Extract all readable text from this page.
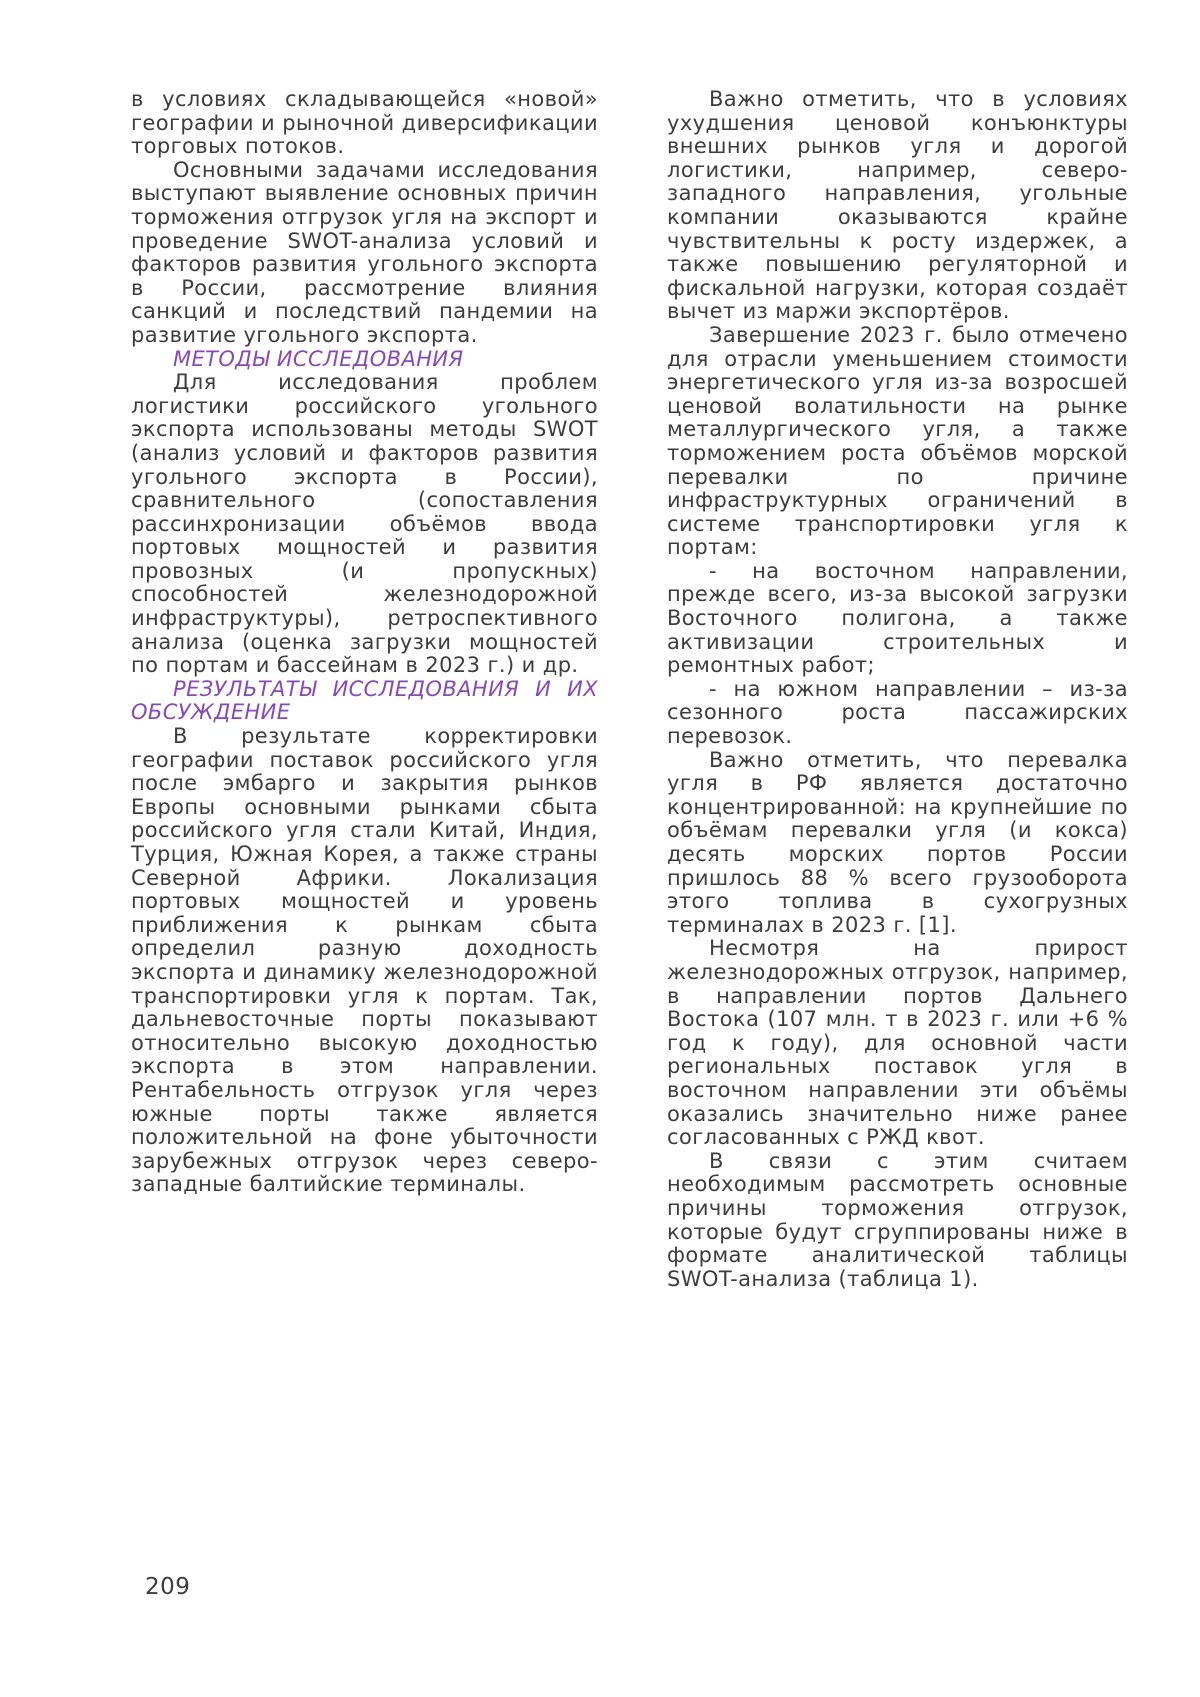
в условиях складывающейся «новой» географии и рыночной диверсификации торговых потоков.

Основными задачами исследования выступают выявление основных причин торможения отгрузок угля на экспорт и проведение SWOT-анализа условий и факторов развития угольного экспорта в России, рассмотрение влияния санкций и последствий пандемии на развитие угольного экспорта.

МЕТОДЫ ИССЛЕДОВАНИЯ

Для исследования проблем логистики российского угольного экспорта использованы методы SWOT (анализ условий и факторов развития угольного экспорта в России), сравнительного (сопоставления рассинхронизации объёмов ввода портовых мощностей и развития провозных (и пропускных) способностей железнодорожной инфраструктуры), ретроспективного анализа (оценка загрузки мощностей по портам и бассейнам в 2023 г.) и др.

РЕЗУЛЬТАТЫ ИССЛЕДОВАНИЯ И ИХ ОБСУЖДЕНИЕ

В результате корректировки географии поставок российского угля после эмбарго и закрытия рынков Европы основными рынками сбыта российского угля стали Китай, Индия, Турция, Южная Корея, а также страны Северной Африки. Локализация портовых мощностей и уровень приближения к рынкам сбыта определил разную доходность экспорта и динамику железнодорожной транспортировки угля к портам. Так, дальневосточные порты показывают относительно высокую доходностью экспорта в этом направлении. Рентабельность отгрузок угля через южные порты также является положительной на фоне убыточности зарубежных отгрузок через северо-западные балтийские терминалы.

Важно отметить, что в условиях ухудшения ценовой конъюнктуры внешних рынков угля и дорогой логистики, например, северо-западного направления, угольные компании оказываются крайне чувствительны к росту издержек, а также повышению регуляторной и фискальной нагрузки, которая создаёт вычет из маржи экспортёров.

Завершение 2023 г. было отмечено для отрасли уменьшением стоимости энергетического угля из-за возросшей ценовой волатильности на рынке металлургического угля, а также торможением роста объёмов морской перевалки по причине инфраструктурных ограничений в системе транспортировки угля к портам:

- на восточном направлении, прежде всего, из-за высокой загрузки Восточного полигона, а также активизации строительных и ремонтных работ;

- на южном направлении – из-за сезонного роста пассажирских перевозок.

Важно отметить, что перевалка угля в РФ является достаточно концентрированной: на крупнейшие по объёмам перевалки угля (и кокса) десять морских портов России пришлось 88 % всего грузооборота этого топлива в сухогрузных терминалах в 2023 г. [1].

Несмотря на прирост железнодорожных отгрузок, например, в направлении портов Дальнего Востока (107 млн. т в 2023 г. или +6 % год к году), для основной части региональных поставок угля в восточном направлении эти объёмы оказались значительно ниже ранее согласованных с РЖД квот.

В связи с этим считаем необходимым рассмотреть основные причины торможения отгрузок, которые будут сгруппированы ниже в формате аналитической таблицы SWOT-анализа (таблица 1).

209
